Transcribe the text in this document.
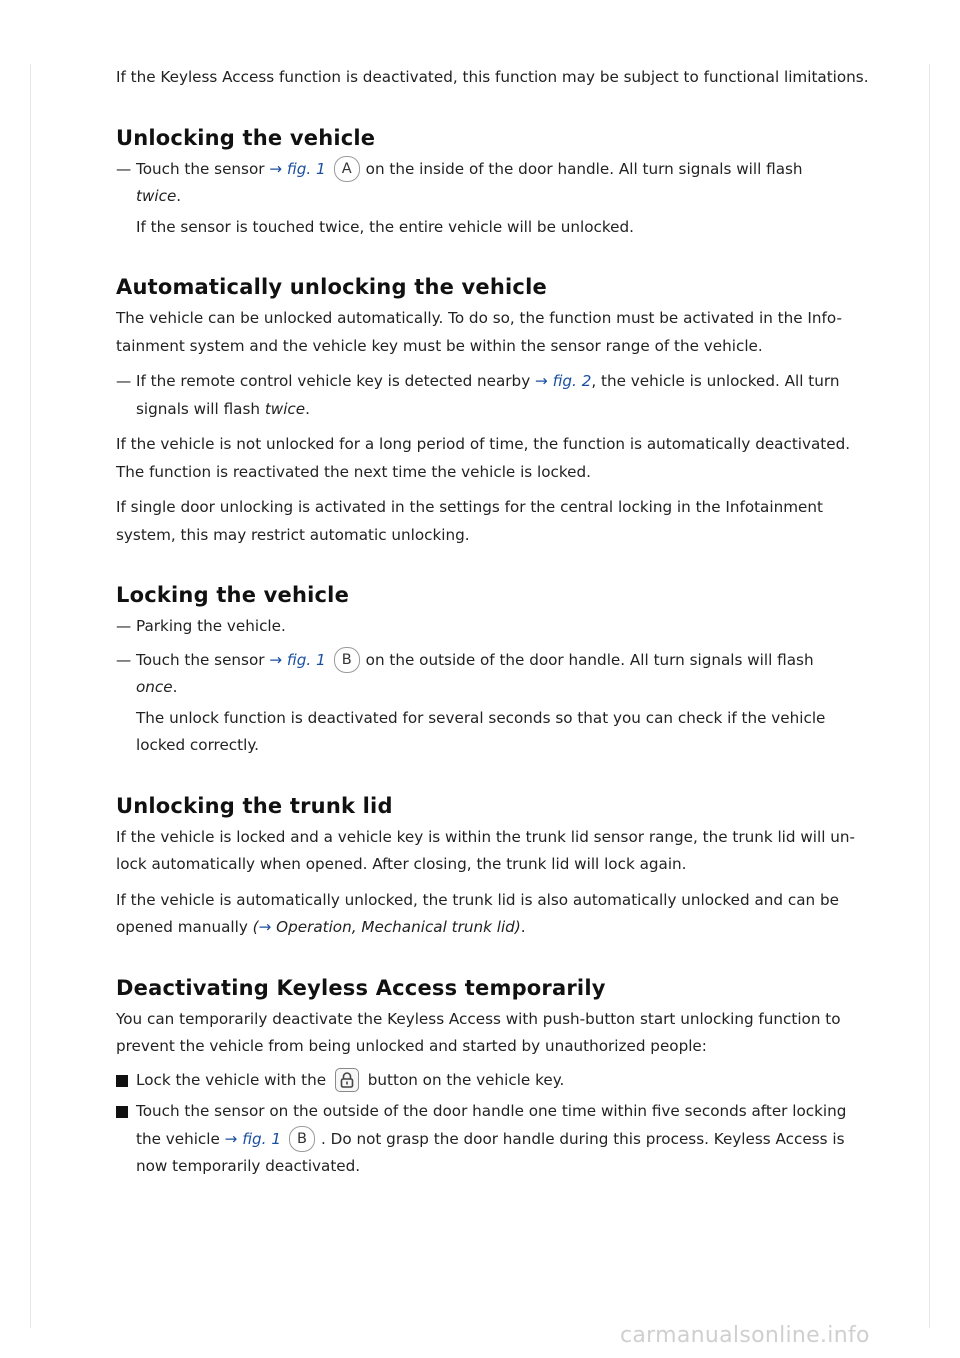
If the Keyless Access function is deactivated, this function may be subject to functional limitations.

Unlocking the vehicle
— Touch the sensor → fig. 1 A on the inside of the door handle. All turn signals will flash
twice.
If the sensor is touched twice, the entire vehicle will be unlocked.
Automatically unlocking the vehicle

The vehicle can be unlocked automatically. To do so, the function must be activated in the Info-tainment system and the vehicle key must be within the sensor range of the vehicle.

— If the remote control vehicle key is detected nearby → fig. 2, the vehicle is unlocked. All turn signals will flash twice.

If the vehicle is not unlocked for a long period of time, the function is automatically deactivated. The function is reactivated the next time the vehicle is locked.

If single door unlocking is activated in the settings for the central locking in the Infotainment system, this may restrict automatic unlocking.

Locking the vehicle
— Parking the vehicle.
— Touch the sensor → fig. 1 B on the outside of the door handle. All turn signals will flash
once.
The unlock function is deactivated for several seconds so that you can check if the vehicle locked correctly.
Unlocking the trunk lid

If the vehicle is locked and a vehicle key is within the trunk lid sensor range, the trunk lid will un-lock automatically when opened. After closing, the trunk lid will lock again.

If the vehicle is automatically unlocked, the trunk lid is also automatically unlocked and can be opened manually (→ Operation, Mechanical trunk lid).

Deactivating Keyless Access temporarily

You can temporarily deactivate the Keyless Access with push-button start unlocking function to prevent the vehicle from being unlocked and started by unauthorized people:

Lock the vehicle with the	button on the vehicle key.
Touch the sensor on the outside of the door handle one time within five seconds after locking the vehicle → fig. 1 B . Do not grasp the door handle during this process. Keyless Access is now temporarily deactivated.
carmanualsonline.info
